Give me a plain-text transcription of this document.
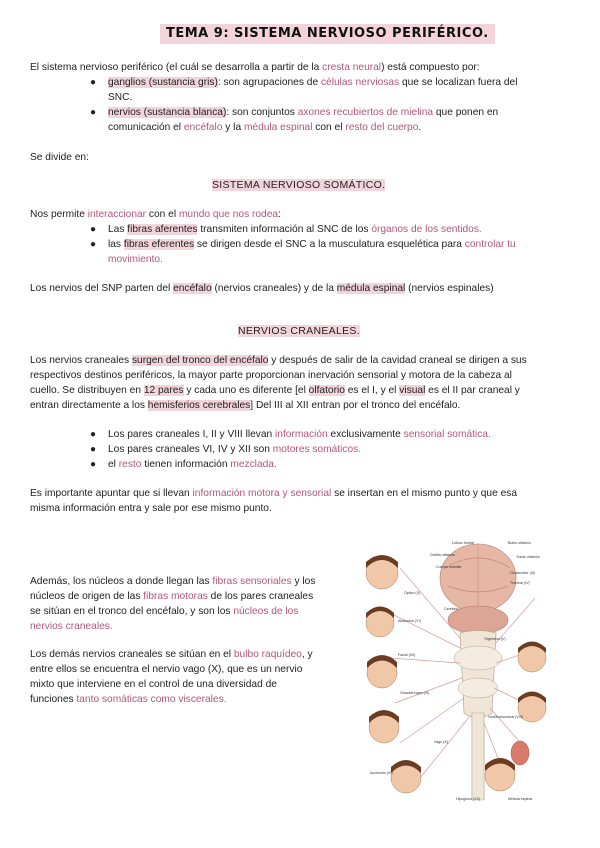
TEMA 9: SISTEMA NERVIOSO PERIFÉRICO.
El sistema nervioso periférico (el cuál se desarrolla a partir de la cresta neural) está compuesto por:
● ganglios (sustancia gris): son agrupaciones de células nerviosas que se localizan fuera del
SNC.
● nervios (sustancia blanca): son conjuntos axones recubiertos de mielina que ponen en
comunicación el encéfalo y la médula espinal con el resto del cuerpo.
Se divide en:
SISTEMA NERVIOSO SOMÁTICO.
Nos permite interaccionar con el mundo que nos rodea:
● Las fibras aferentes transmiten información al SNC de los órganos de los sentidos.
● las fibras eferentes se dirigen desde el SNC a la musculatura esquelética para controlar tu
movimiento.
Los nervios del SNP parten del encéfalo (nervios craneales) y de la médula espinal (nervios espinales)
NERVIOS CRANEALES.
Los nervios craneales surgen del tronco del encéfalo y después de salir de la cavidad craneal se dirigen a sus
respectivos destinos periféricos, la mayor parte proporcionan inervación sensorial y motora de la cabeza al
cuello. Se distribuyen en 12 pares y cada uno es diferente [el olfatorio es el I, y el visual es el II par craneal y
entran directamente a los hemisferios cerebrales] Del III al XII entran por el tronco del encéfalo.
● Los pares craneales I, II y VIII llevan información exclusivamente sensorial somática.
● Los pares craneales VI, IV y XII son motores somáticos.
● el resto tienen información mezclada.
Es importante apuntar que si llevan información motora y sensorial se insertan en el mismo punto y que esa
misma información entra y sale por ese mismo punto.
Además, los núcleos a donde llegan las fibras sensoriales y los
núcleos de origen de las fibras motoras de los pares craneales
se sitúan en el tronco del encéfalo, y son los núcleos de los
nervios craneales.
Los demás nervios craneales se sitúan en el bulbo raquídeo, y
entre ellos se encuentra el nervio vago (X), que es un nervio
mixto que interviene en el control de una diversidad de
funciones tanto somáticas como viscerales.
Lóbulo frontal	Bulbo olfatorio
Cintilla olfatoria	Tracto olfatorio
Cuerpo mamilar
Óptico (II)
Oculomotor (III)
Troclear (IV)
Cerebelo
Trigémino (V)
Abducens (VI)
Facial (VII)
Vestibulococlear (VIII)
Glosofaríngeo (IX)
Vago (X)
Accesorio (XI)
Hipogloso (XII)	Médula espinal
